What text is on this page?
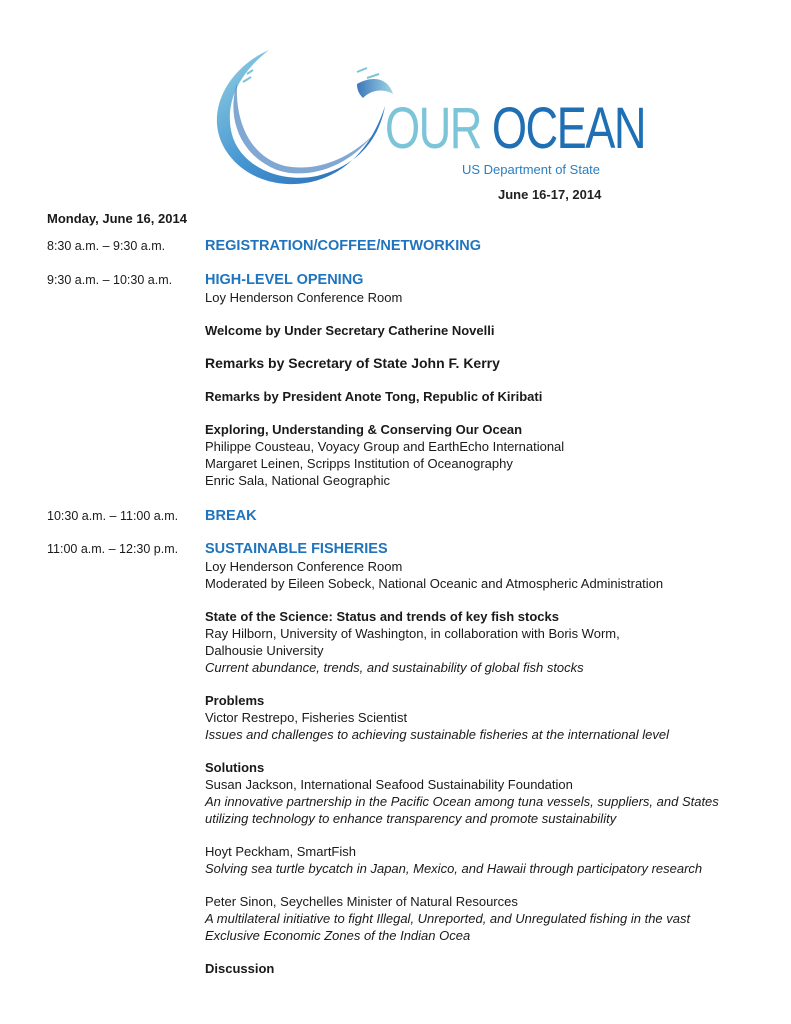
OUR OCEAN
US Department of State
June 16-17, 2014
Monday, June 16, 2014
8:30 a.m. – 9:30 a.m.	REGISTRATION/COFFEE/NETWORKING
9:30 a.m. – 10:30 a.m. HIGH-LEVEL OPENING
Loy Henderson Conference Room
Welcome by Under Secretary Catherine Novelli
Remarks by Secretary of State John F. Kerry
Remarks by President Anote Tong, Republic of Kiribati
Exploring, Understanding & Conserving Our Ocean
Philippe Cousteau, Voyacy Group and EarthEcho International
Margaret Leinen, Scripps Institution of Oceanography
Enric Sala, National Geographic
10:30 a.m. – 11:00 a.m. BREAK
11:00 a.m. – 12:30 p.m. SUSTAINABLE FISHERIES
Loy Henderson Conference Room
Moderated by Eileen Sobeck, National Oceanic and Atmospheric Administration
State of the Science: Status and trends of key fish stocks
Ray Hilborn, University of Washington, in collaboration with Boris Worm,
Dalhousie University
Current abundance, trends, and sustainability of global fish stocks
Problems
Victor Restrepo, Fisheries Scientist
Issues and challenges to achieving sustainable fisheries at the international level
Solutions
Susan Jackson, International Seafood Sustainability Foundation
An innovative partnership in the Pacific Ocean among tuna vessels, suppliers, and States
utilizing technology to enhance transparency and promote sustainability
Hoyt Peckham, SmartFish
Solving sea turtle bycatch in Japan, Mexico, and Hawaii through participatory research
Peter Sinon, Seychelles Minister of Natural Resources
A multilateral initiative to fight Illegal, Unreported, and Unregulated fishing in the vast
Exclusive Economic Zones of the Indian Ocea
Discussion
